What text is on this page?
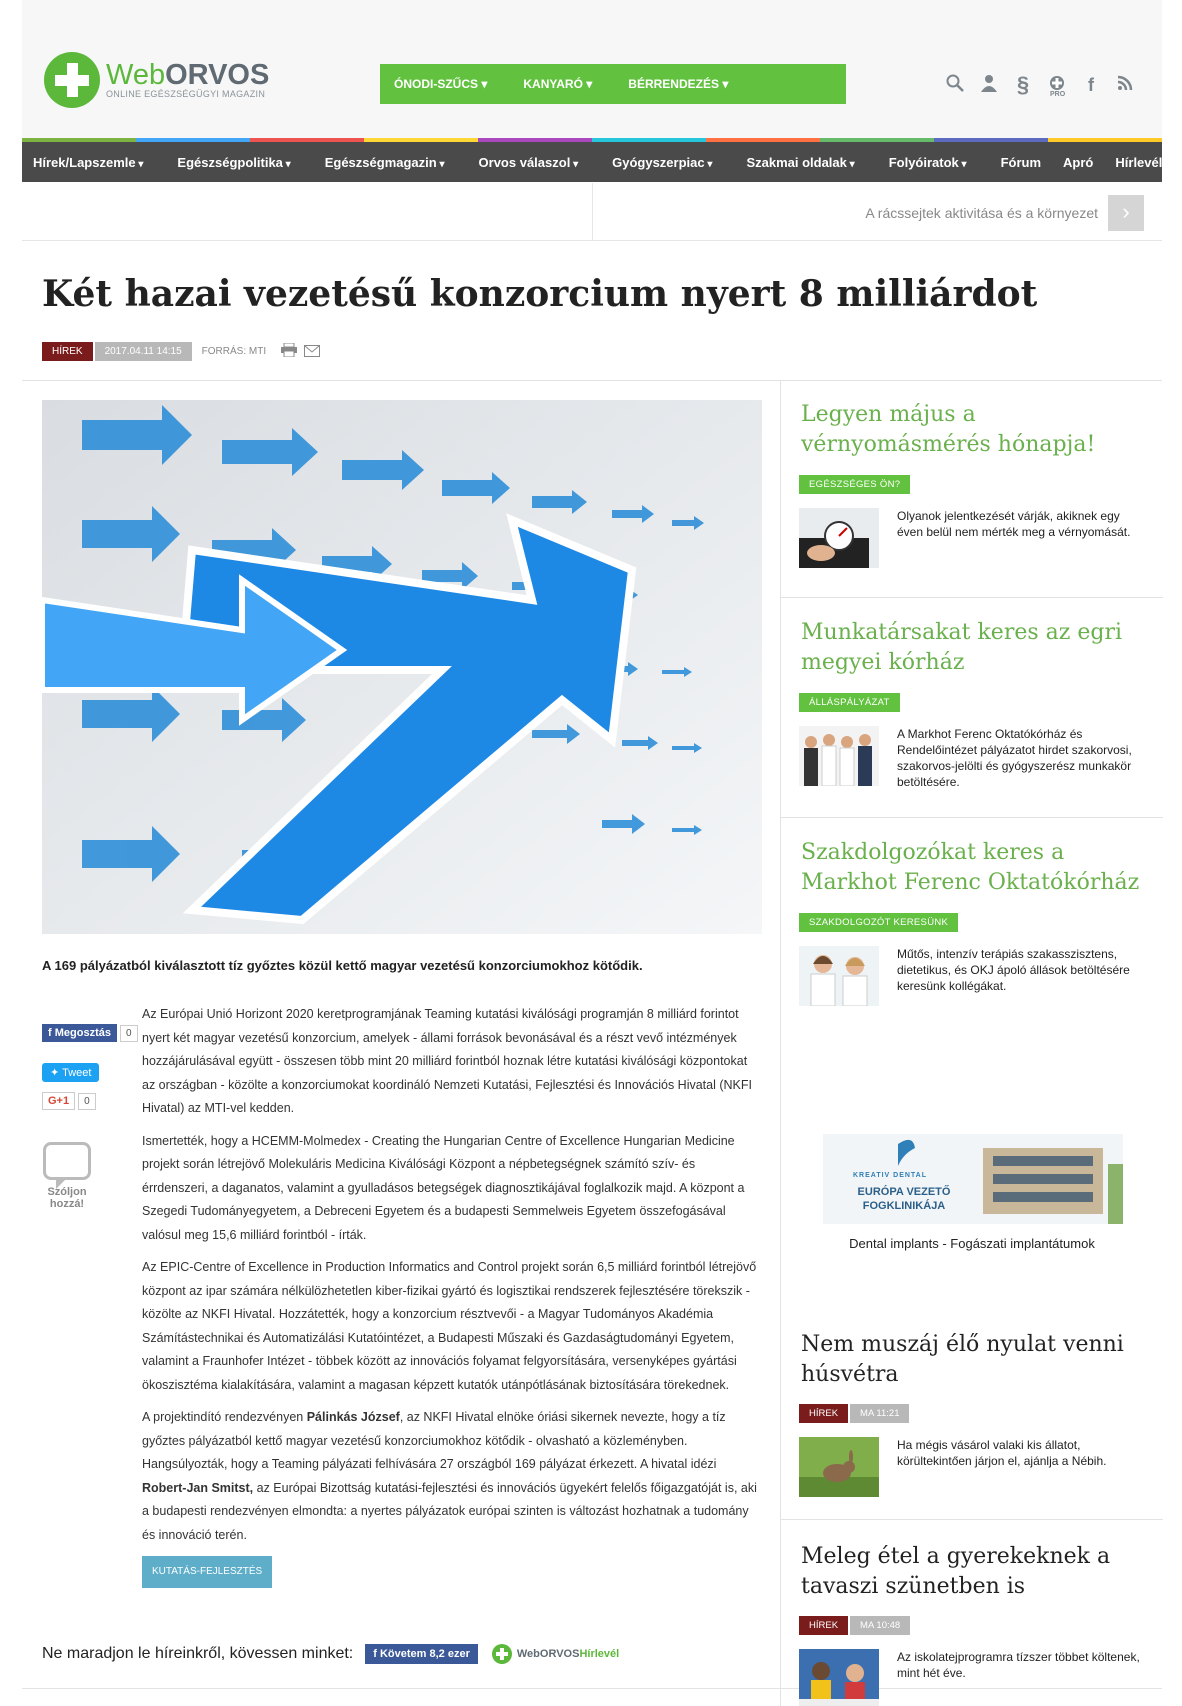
WebORVOS
ONLINE EGÉSZSÉGÜGYI MAGAZIN
ÓNODI-SZŰCS ▾	KANYARÓ ▾	BÉRRENDEZÉS ▾	§	PRO	f
Hírek/Lapszemle ▾	Egészségpolitika ▾	Egészségmagazin ▾	Orvos válaszol ▾	Gyógyszerpiac ▾	Szakmai oldalak ▾	Folyóiratok ▾	Fórum Apró Hírlevél
A rácssejtek aktivitása és a környezet	›
Két hazai vezetésű konzorcium nyert 8 milliárdot
HÍREK	2017.04.11 14:15	FORRÁS: MTI

A 169 pályázatból kiválasztott tíz győztes közül kettő magyar vezetésű konzorciumokhoz kötődik.

f Megosztás	0
✦ Tweet
G+1	0
Szóljon hozzá!

Az Európai Unió Horizont 2020 keretprogramjának Teaming kutatási kiválósági programján 8 milliárd forintot nyert két magyar vezetésű konzorcium, amelyek - állami források bevonásával és a részt vevő intézmények hozzájárulásával együtt - összesen több mint 20 milliárd forintból hoznak létre kutatási kiválósági központokat az országban - közölte a konzorciumokat koordináló Nemzeti Kutatási, Fejlesztési és Innovációs Hivatal (NKFI Hivatal) az MTI-vel kedden.

Ismertették, hogy a HCEMM-Molmedex - Creating the Hungarian Centre of Excellence Hungarian Medicine projekt során létrejövő Molekuláris Medicina Kiválósági Központ a népbetegségnek számító szív- és érrdenszeri, a daganatos, valamint a gyulladásos betegségek diagnosztikájával foglalkozik majd. A központ a Szegedi Tudományegyetem, a Debreceni Egyetem és a budapesti Semmelweis Egyetem összefogásával valósul meg 15,6 milliárd forintból - írták.

Az EPIC-Centre of Excellence in Production Informatics and Control projekt során 6,5 milliárd forintból létrejövő központ az ipar számára nélkülözhetetlen kiber-fizikai gyártó és logisztikai rendszerek fejlesztésére törekszik - közölte az NKFI Hivatal. Hozzátették, hogy a konzorcium résztvevői - a Magyar Tudományos Akadémia Számítástechnikai és Automatizálási Kutatóintézet, a Budapesti Műszaki és Gazdaságtudományi Egyetem, valamint a Fraunhofer Intézet - többek között az innovációs folyamat felgyorsítására, versenyképes gyártási ökoszisztéma kialakítására, valamint a magasan képzett kutatók utánpótlásának biztosítására törekednek.

A projektindító rendezvényen Pálinkás József, az NKFI Hivatal elnöke óriási sikernek nevezte, hogy a tíz győztes pályázatból kettő magyar vezetésű konzorciumokhoz kötődik - olvasható a közleményben. Hangsúlyozták, hogy a Teaming pályázati felhívására 27 országból 169 pályázat érkezett. A hivatal idézi Robert-Jan Smitst, az Európai Bizottság kutatási-fejlesztési és innovációs ügyekért felelős főigazgatóját is, aki a budapesti rendezvényen elmondta: a nyertes pályázatok európai szinten is változást hozhatnak a tudomány és innováció terén.

KUTATÁS-FEJLESZTÉS
Ne maradjon le híreinkről, kövessen minket:	f Követem 8,2 ezer	WebORVOS Hírlevél
Legyen május a vérnyomásmérés hónapja!
EGÉSZSÉGES ÖN?

Olyanok jelentkezését várják, akiknek egy éven belül nem mérték meg a vérnyomását.

Munkatársakat keres az egri megyei kórház
ÁLLÁSPÁLYÁZAT

A Markhot Ferenc Oktatókórház és Rendelőintézet pályázatot hirdet szakorvosi, szakorvos-jelölti és gyógyszerész munkakör betöltésére.

Szakdolgozókat keres a Markhot Ferenc Oktatókórház
SZAKDOLGOZÓT KERESÜNK

Műtős, intenzív terápiás szakasszisztens, dietetikus, és OKJ ápoló állások betöltésére keresünk kollégákat.

KREATIV DENTAL
EURÓPA VEZETŐ
FOGKLINIKÁJA
Dental implants - Fogászati implantátumok
Nem muszáj élő nyulat venni húsvétra
HÍREK	MA 11:21

Ha mégis vásárol valaki kis állatot, körültekintően járjon el, ajánlja a Nébih.

Meleg étel a gyerekeknek a tavaszi szünetben is
HÍREK	MA 10:48

Az iskolatejprogramra tízszer többet költenek, mint hét éve.
